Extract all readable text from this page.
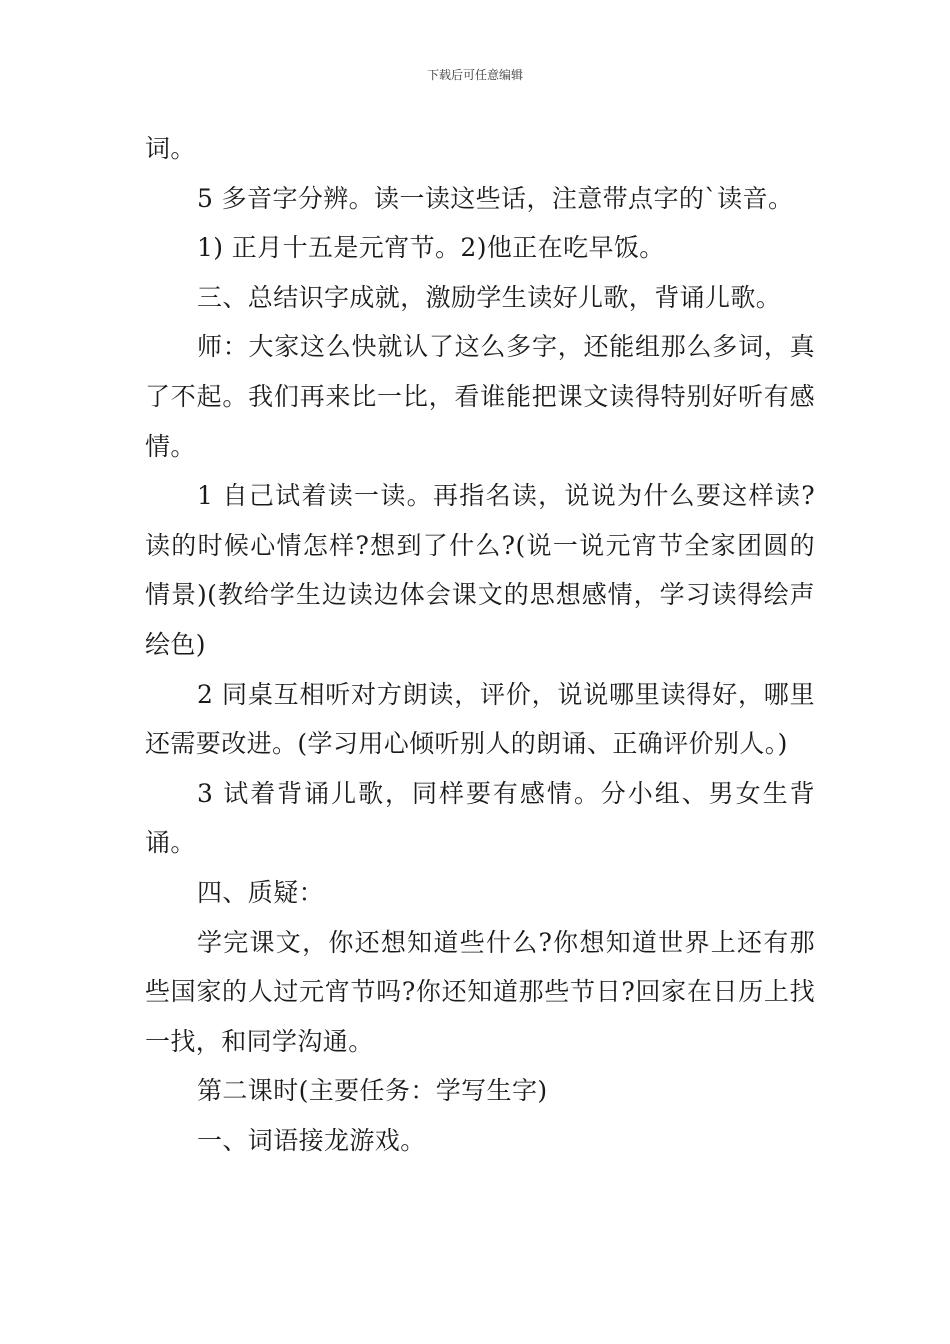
下载后可任意编辑

词。

5 多音字分辨。读一读这些话，注意带点字的`读音。

1) 正月十五是元宵节。2)他正在吃早饭。

三、总结识字成就，激励学生读好儿歌，背诵儿歌。

师：大家这么快就认了这么多字，还能组那么多词，真了不起。我们再来比一比，看谁能把课文读得特别好听有感情。

1 自己试着读一读。再指名读，说说为什么要这样读?读的时候心情怎样?想到了什么?(说一说元宵节全家团圆的情景)(教给学生边读边体会课文的思想感情，学习读得绘声绘色)

2 同桌互相听对方朗读，评价，说说哪里读得好，哪里还需要改进。(学习用心倾听别人的朗诵、正确评价别人。)

3 试着背诵儿歌，同样要有感情。分小组、男女生背诵。

四、质疑：

学完课文，你还想知道些什么?你想知道世界上还有那些国家的人过元宵节吗?你还知道那些节日?回家在日历上找一找，和同学沟通。

第二课时(主要任务：学写生字)

一、词语接龙游戏。
